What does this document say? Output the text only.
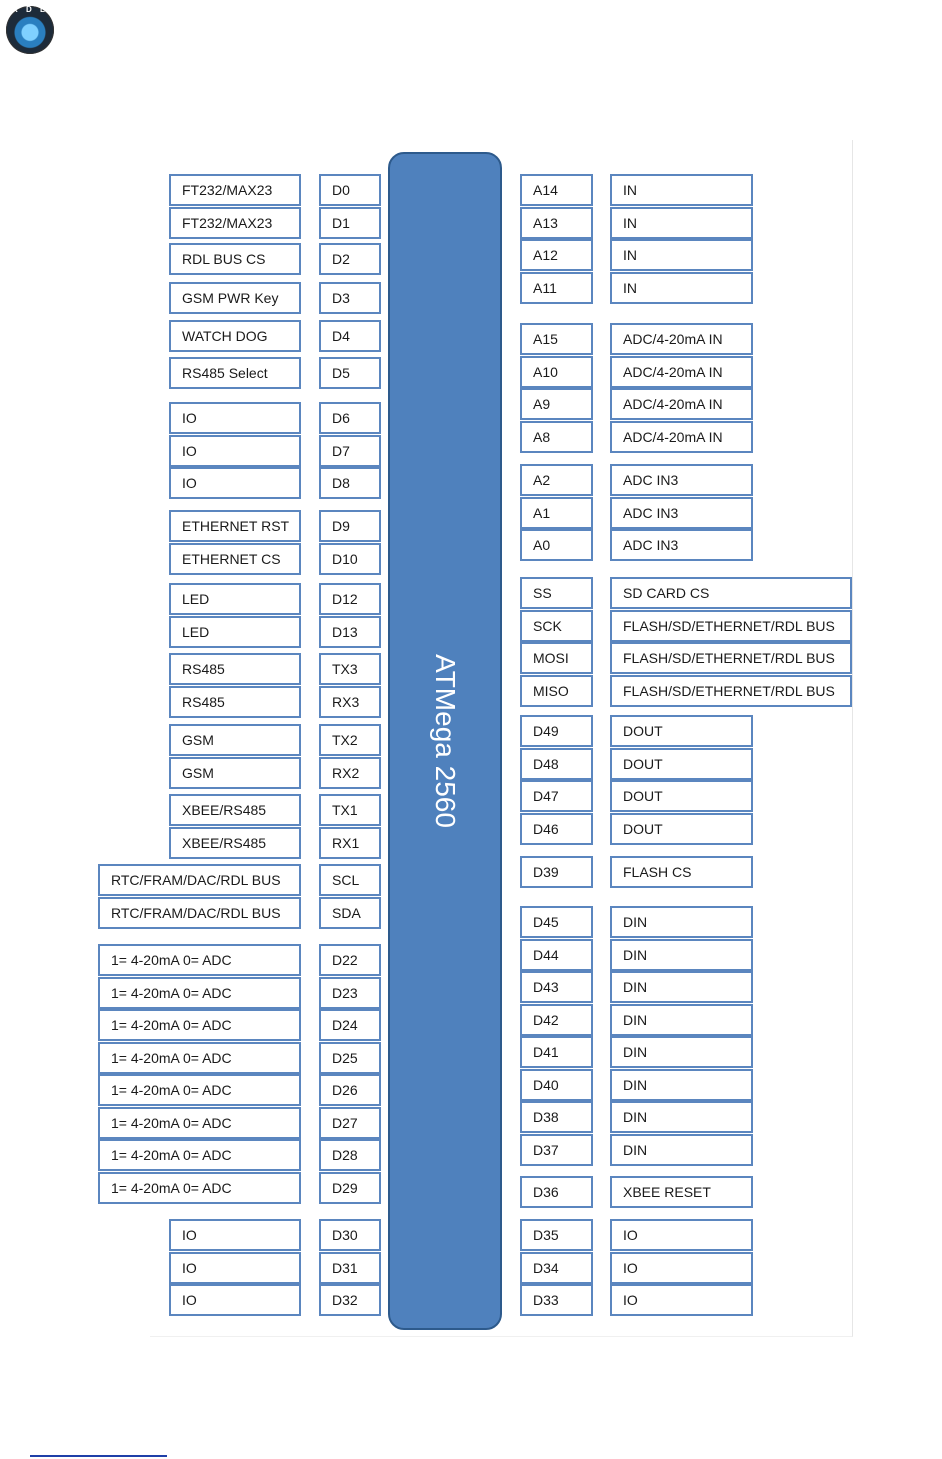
R D L
FT232/MAX23	D0
FT232/MAX23	D1
RDL BUS CS	D2
GSM PWR Key	D3
WATCH DOG	D4
RS485 Select	D5
IO	D6
IO	D7
IO	D8
ETHERNET RST	D9
ETHERNET CS	D10
LED	D12
LED	D13
RS485	TX3
RS485	RX3
GSM	TX2
GSM	RX2
XBEE/RS485	TX1
XBEE/RS485	RX1
RTC/FRAM/DAC/RDL BUS	SCL
RTC/FRAM/DAC/RDL BUS	SDA
1= 4-20mA 0= ADC	D22
1= 4-20mA 0= ADC	D23
1= 4-20mA 0= ADC	D24
1= 4-20mA 0= ADC	D25
1= 4-20mA 0= ADC	D26
1= 4-20mA 0= ADC	D27
1= 4-20mA 0= ADC	D28
1= 4-20mA 0= ADC	D29
IO	D30
IO	D31
IO	D32
A14	IN
A13	IN
A12	IN
A11	IN
A15	ADC/4-20mA IN
A10	ADC/4-20mA IN
A9	ADC/4-20mA IN
A8	ADC/4-20mA IN
A2	ADC IN3
A1	ADC IN3
A0	ADC IN3
SS	SD CARD CS
SCK	FLASH/SD/ETHERNET/RDL BUS
MOSI	FLASH/SD/ETHERNET/RDL BUS
MISO	FLASH/SD/ETHERNET/RDL BUS
D49	DOUT
D48	DOUT
D47	DOUT
D46	DOUT
D39	FLASH CS
D45	DIN
D44	DIN
D43	DIN
D42	DIN
D41	DIN
D40	DIN
D38	DIN
D37	DIN
D36	XBEE RESET
D35	IO
D34	IO
D33	IO
ATMega 2560
